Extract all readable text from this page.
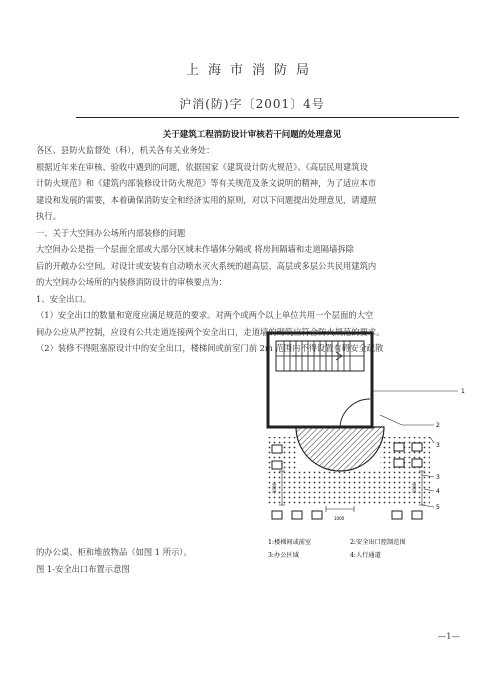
上海市消防局
沪消(防)字〔2001〕4号
关于建筑工程消防设计审核若干问题的处理意见
各区、县防火监督处（科），机关各有关业务处：
根据近年来在审核、验收中遇到的问题，依据国家《建筑设计防火规范》、《高层民用建筑设
计防火规范》和《建筑内部装修设计防火规范》等有关规范及条文说明的精神，为了适应本市
建设和发展的需要，本着确保消防安全和经济实用的原则，对以下问题提出处理意见，请遵照
执行。
一、关于大空间办公场所内部装修的问题
大空间办公是指一个层面全部或大部分区域未作墙体分隔或 将房间隔墙和走道隔墙拆除
后的开敞办公空间。对设计或安装有自动喷水灭火系统的超高层、高层或多层公共民用建筑内
的大空间办公场所的内装修消防设计的审核要点为：
1、安全出口。
（1）安全出口的数量和宽度应满足规范的要求。对两个或两个以上单位共用一个层面的大空
间办公应从严控制，应设有公共走道连接两个安全出口，走道墙的砌筑应符合防火规范的要求。
（2）装修不得阻塞原设计中的安全出口，楼梯间或前室门前 2m 范围内不得设置有碍安全疏散
的办公桌、柜和堆放物品（如图 1 所示）。
图 1-安全出口布置示意图
1000	1000
1000
1
2
3
3
4
5
1:楼梯间或前室	2:安全出口控制范围
3:办公区域	4:人行通道
—1—
